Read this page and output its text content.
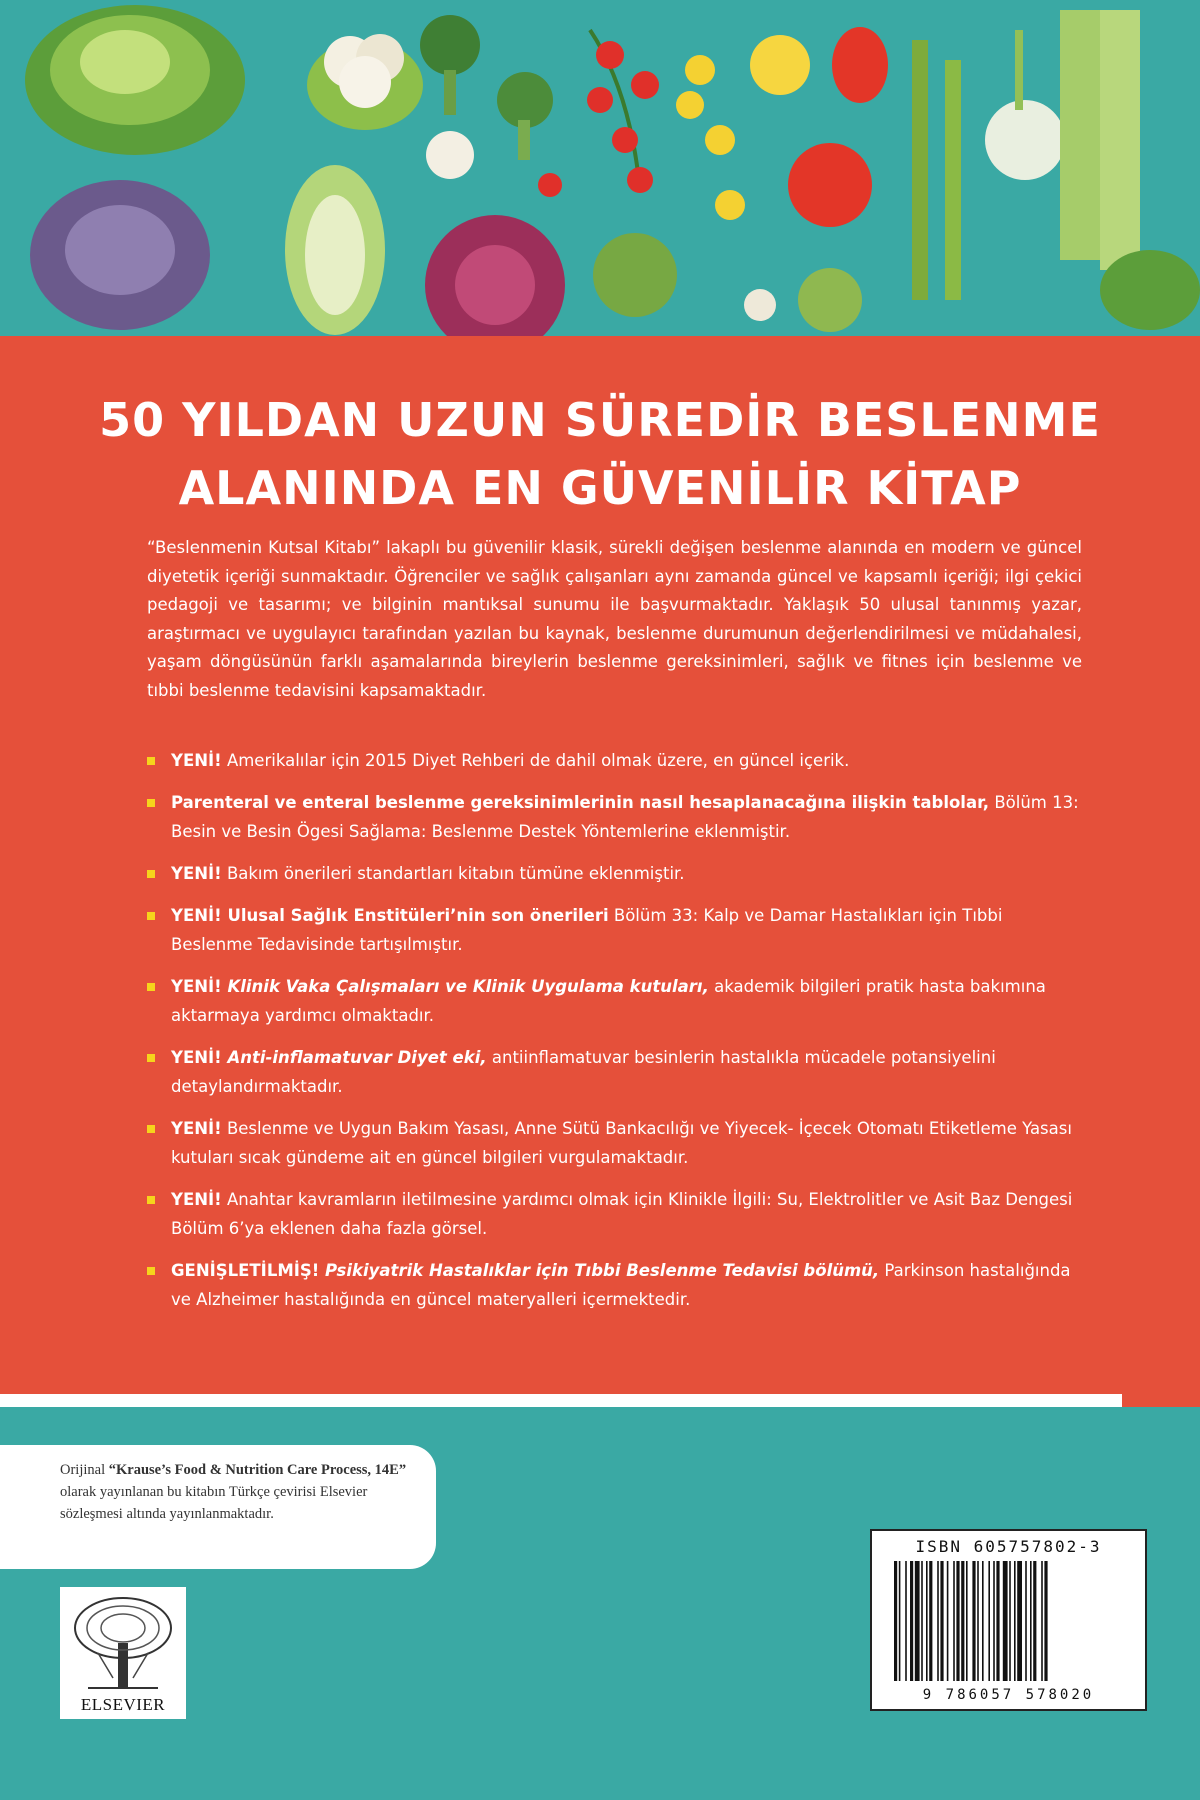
50 YILDAN UZUN SÜREDİR BESLENME
ALANINDA EN GÜVENİLİR KİTAP

“Beslenmenin Kutsal Kitabı” lakaplı bu güvenilir klasik, sürekli değişen beslenme alanında en modern ve güncel diyetetik içeriği sunmaktadır. Öğrenciler ve sağlık çalışanları aynı zamanda güncel ve kapsamlı içeriği; ilgi çekici pedagoji ve tasarımı; ve bilginin mantıksal sunumu ile başvurmaktadır. Yaklaşık 50 ulusal tanınmış yazar, araştırmacı ve uygulayıcı tarafından yazılan bu kaynak, beslenme durumunun değerlendirilmesi ve müdahalesi, yaşam döngüsünün farklı aşamalarında bireylerin beslenme gereksinimleri, sağlık ve fitnes için beslenme ve tıbbi beslenme tedavisini kapsamaktadır.

YENİ! Amerikalılar için 2015 Diyet Rehberi de dahil olmak üzere, en güncel içerik.
Parenteral ve enteral beslenme gereksinimlerinin nasıl hesaplanacağına ilişkin tablolar, Bölüm 13: Besin ve Besin Ögesi Sağlama: Beslenme Destek Yöntemlerine eklenmiştir.
YENİ! Bakım önerileri standartları kitabın tümüne eklenmiştir.
YENİ! Ulusal Sağlık Enstitüleri’nin son önerileri Bölüm 33: Kalp ve Damar Hastalıkları için Tıbbi Beslenme Tedavisinde tartışılmıştır.
YENİ! Klinik Vaka Çalışmaları ve Klinik Uygulama kutuları, akademik bilgileri pratik hasta bakımına aktarmaya yardımcı olmaktadır.
YENİ! Anti-inflamatuvar Diyet eki, antiinflamatuvar besinlerin hastalıkla mücadele potansiyelini detaylandırmaktadır.
YENİ! Beslenme ve Uygun Bakım Yasası, Anne Sütü Bankacılığı ve Yiyecek- İçecek Otomatı Etiketleme Yasası kutuları sıcak gündeme ait en güncel bilgileri vurgulamaktadır.
YENİ! Anahtar kavramların iletilmesine yardımcı olmak için Klinikle İlgili: Su, Elektrolitler ve Asit Baz Dengesi Bölüm 6’ya eklenen daha fazla görsel.
GENİŞLETİLMİŞ! Psikiyatrik Hastalıklar için Tıbbi Beslenme Tedavisi bölümü, Parkinson hastalığında ve Alzheimer hastalığında en güncel materyalleri içermektedir.

Orijinal “Krause’s Food & Nutrition Care Process, 14E” olarak yayınlanan bu kitabın Türkçe çevirisi Elsevier sözleşmesi altında yayınlanmaktadır.

ELSEVIER
ISBN 605757802-3
9 786057 578020
